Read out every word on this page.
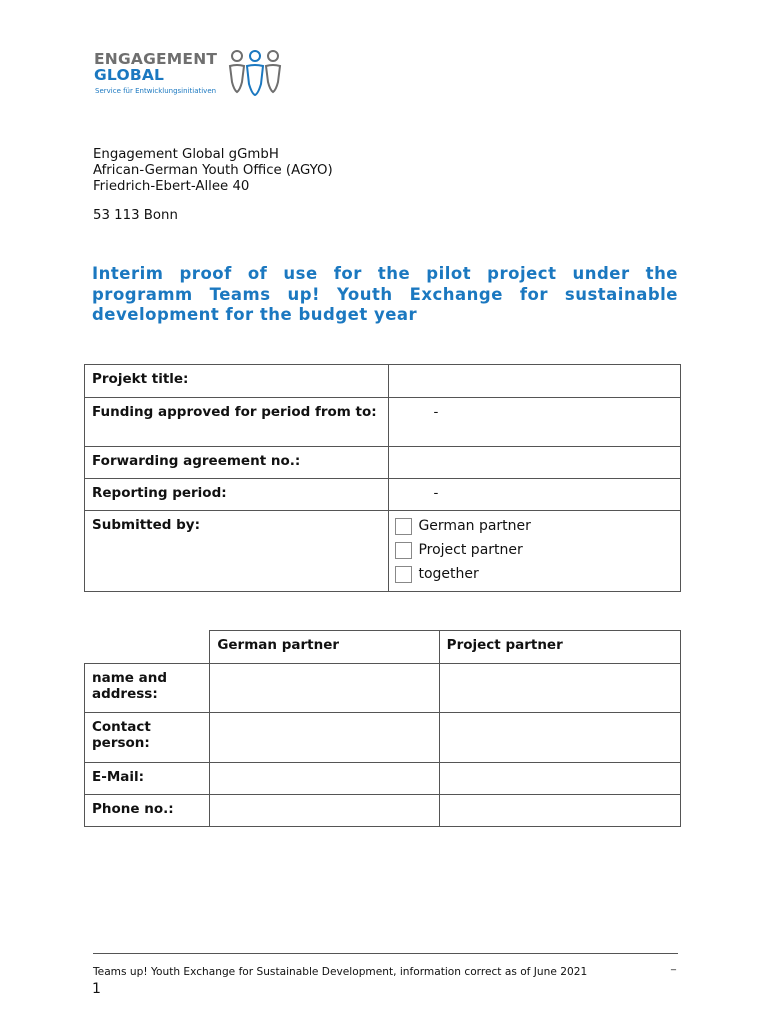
ENGAGEMENT
GLOBAL
Service für Entwicklungsinitiativen
Engagement Global gGmbH
African-German Youth Office (AGYO)
Friedrich-Ebert-Allee 40
53 113 Bonn
Interim proof of use for the pilot project under the programm Teams up! Youth Exchange for sustainable development for the budget year
Projekt title:	
Funding approved for period from to:	-
Forwarding agreement no.:	
Reporting period:	-
Submitted by:	German partner
Project partner
together
	German partner	Project partner
name and address:		
Contact person:		
E-Mail:		
Phone no.:		
_
Teams up! Youth Exchange for Sustainable Development, information correct as of June 2021
1
